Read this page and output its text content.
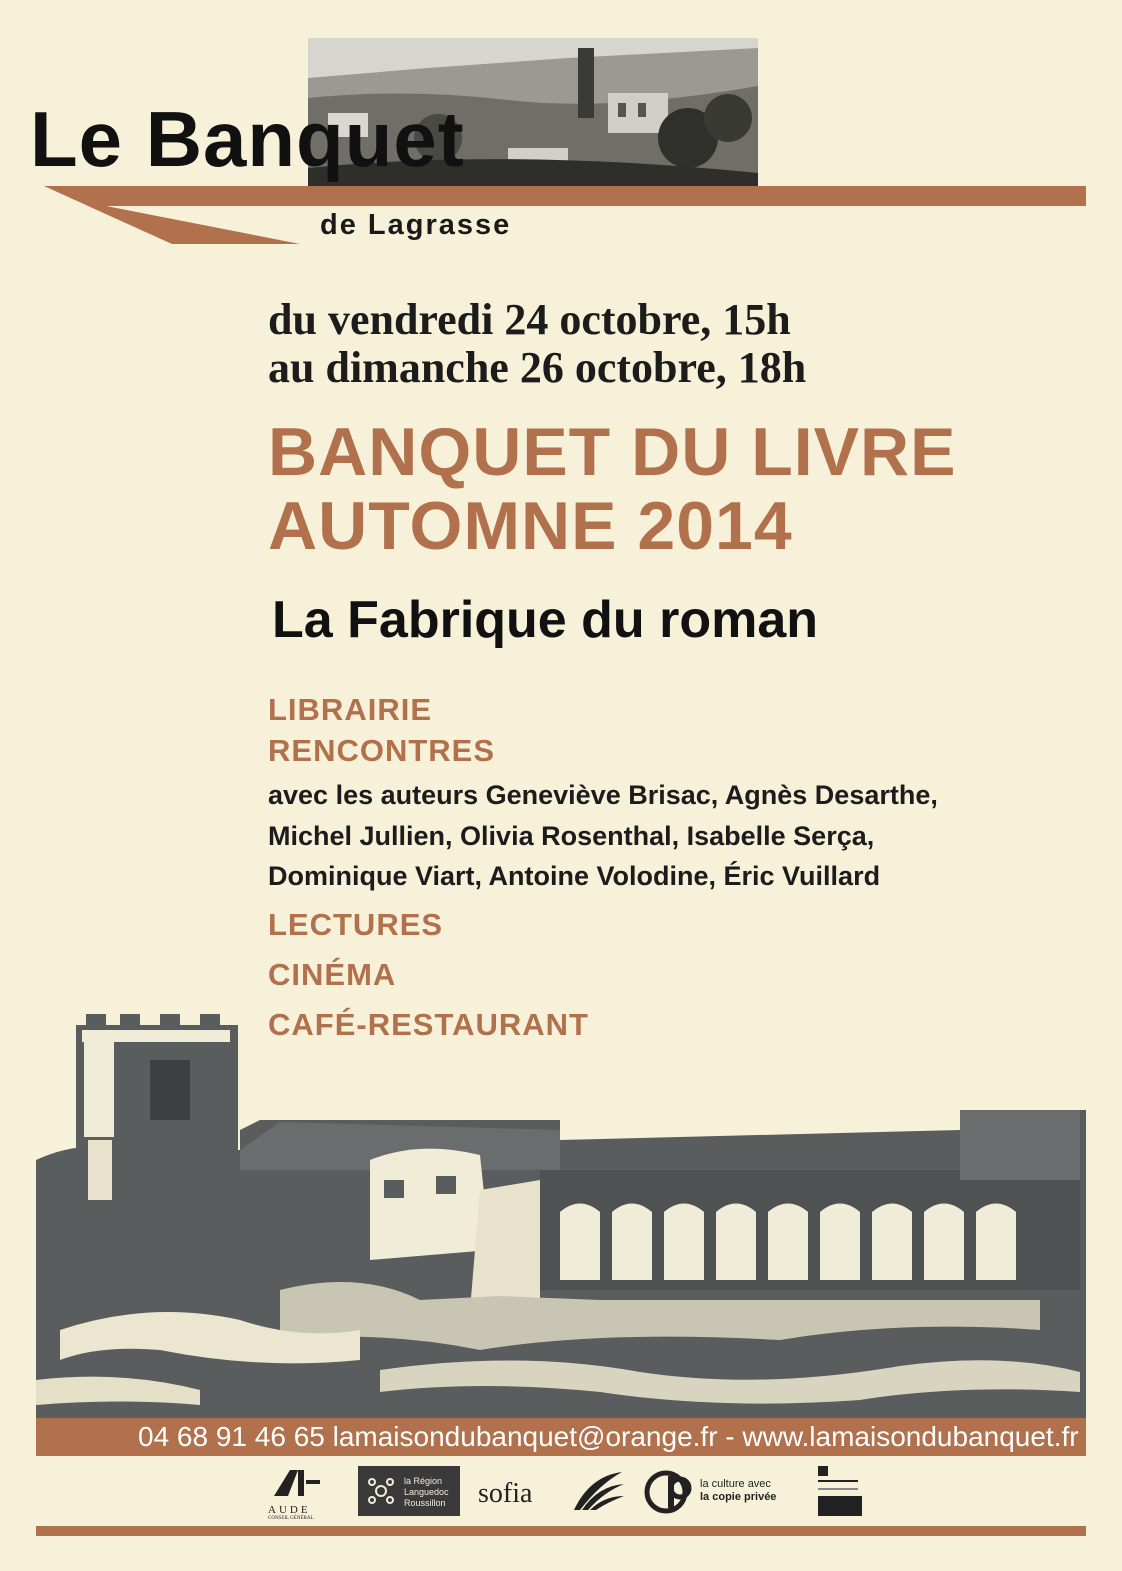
Le Banquet
de Lagrasse
du vendredi 24 octobre, 15h
au dimanche 26 octobre, 18h
BANQUET DU LIVRE
AUTOMNE 2014
La Fabrique du roman
LIBRAIRIE
RENCONTRES
avec les auteurs Geneviève Brisac, Agnès Desarthe,
Michel Jullien, Olivia Rosenthal, Isabelle Serça,
Dominique Viart, Antoine Volodine, Éric Vuillard
LECTURES
CINÉMA
CAFÉ-RESTAURANT
04 68 91 46 65 lamaisondubanquet@orange.fr - www.lamaisondubanquet.fr
AUDE
CONSEIL GÉNÉRAL
la Région
Languedoc
Roussillon sofia	la culture avec
la copie privée
